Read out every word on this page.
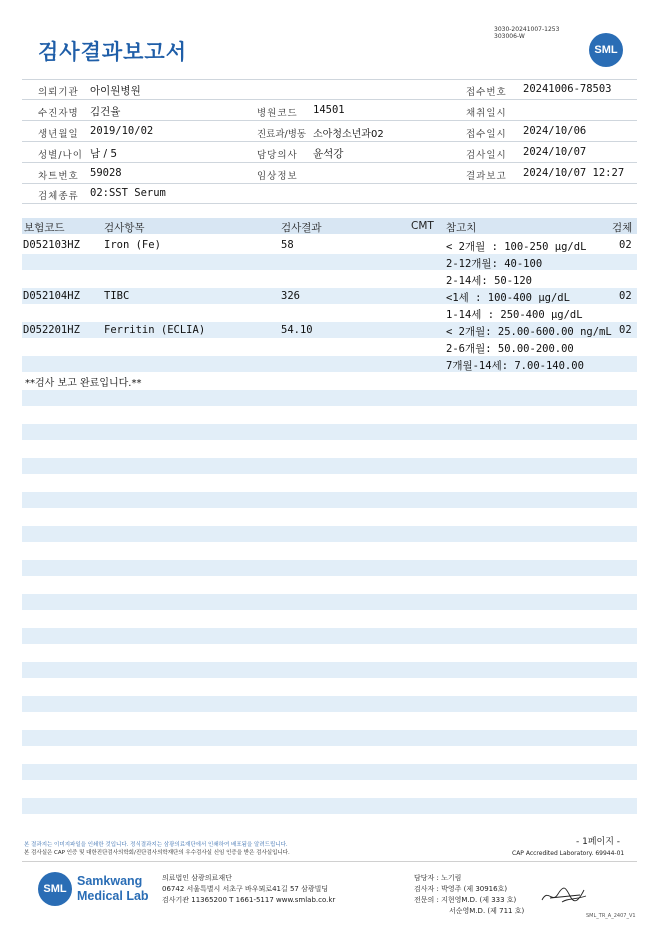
검사결과보고서
3030-20241007-1253
303006-W
SML
의뢰기관 아이원병원	접수번호 20241006-78503
수진자명 김건율	병원코드 14501	채취일시
생년월일 2019/10/02	진료과/병동 소아청소년과02	접수일시 2024/10/06
성별/나이 남 / 5	담당의사 윤석강	검사일시 2024/10/07
차트번호 59028	임상정보	결과보고 2024/10/07 12:27
검체종류 02:SST Serum
보험코드	검사항목	검사결과	CMT 참고치	검체
D052103HZ Iron (Fe)	58	< 2개월 : 100-250 µg/dL	02
2-12개월: 40-100
2-14세: 50-120
D052104HZ TIBC	326	<1세 : 100-400 µg/dL	02
1-14세 : 250-400 µg/dL
D052201HZ Ferritin (ECLIA)	54.10	< 2개월: 25.00-600.00 ng/mL 02
2-6개월: 50.00-200.00
7개월-14세: 7.00-140.00
**검사 보고 완료입니다.**
- 1페이지 -
본 결과지는 이미지파일을 인쇄한 것입니다. 정식결과지는 삼광의료재단에서 인쇄하여 배포됨을 알려드립니다.
본 검사실은 CAP 인증 및 대한진단검사의학회/진단검사의학재단의 우수검사실 신임 인증을 받은 검사실입니다.	CAP Accredited Laboratory. 69944-01
SML
Samkwang
Medical Lab
의료법인 삼광의료재단
06742 서울특별시 서초구 바우뫼로41길 57 삼광빌딩
검사기관 11365200 T 1661-5117 www.smlab.co.kr
담당자 : 노기림
검사자 : 박영주 (제 30916호)
전문의 : 지현영M.D. (제 333 호)
서순영M.D. (제 711 호)
SML_TR_A_2407_V1
